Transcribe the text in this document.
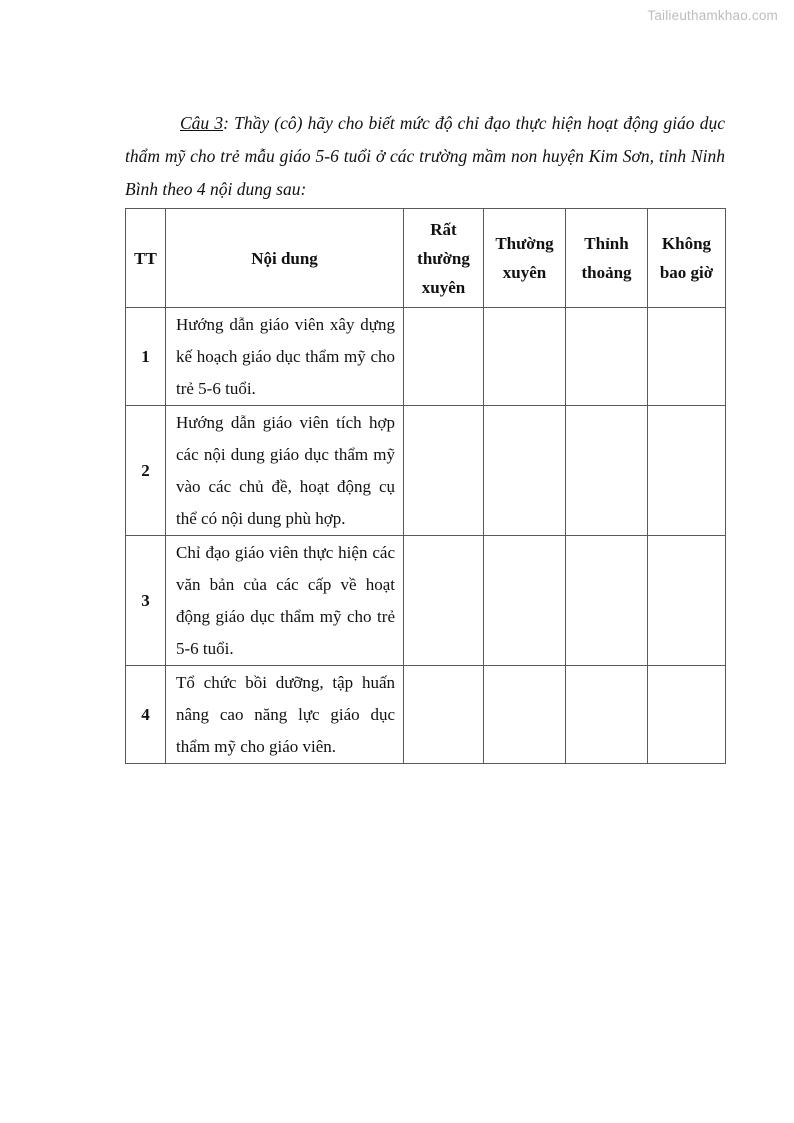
Tailieuthamkhao.com

Câu 3: Thầy (cô) hãy cho biết mức độ chỉ đạo thực hiện hoạt động giáo dục thẩm mỹ cho trẻ mẫu giáo 5-6 tuổi ở các trường mầm non huyện Kim Sơn, tỉnh Ninh Bình theo 4 nội dung sau:

TT	Nội dung	Rất thường xuyên	Thường xuyên	Thỉnh thoảng	Không bao giờ
1	Hướng dẫn giáo viên xây dựng kế hoạch giáo dục thẩm mỹ cho trẻ 5-6 tuổi.				
2	Hướng dẫn giáo viên tích hợp các nội dung giáo dục thẩm mỹ vào các chủ đề, hoạt động cụ thể có nội dung phù hợp.				
3	Chỉ đạo giáo viên thực hiện các văn bản của các cấp về hoạt động giáo dục thẩm mỹ cho trẻ 5-6 tuổi.				
4	Tổ chức bồi dưỡng, tập huấn nâng cao năng lực giáo dục thẩm mỹ cho giáo viên.				
